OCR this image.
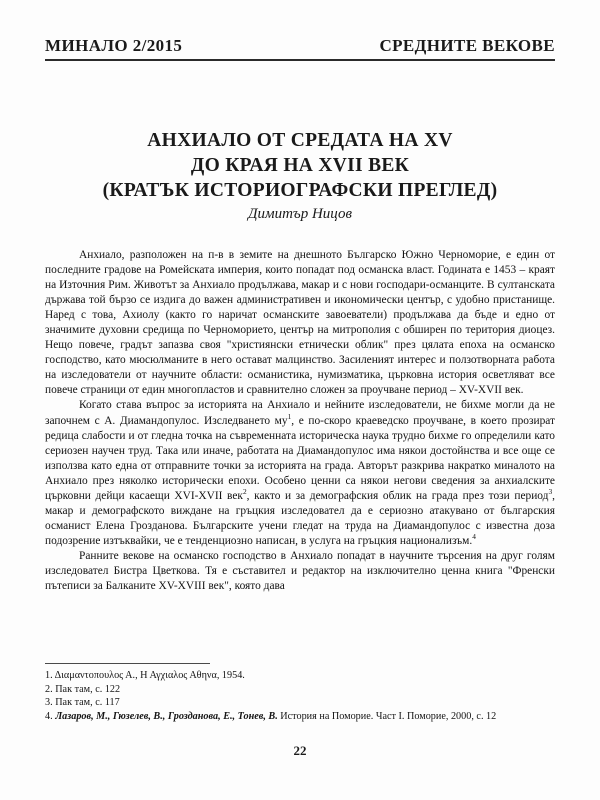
МИНАЛО 2/2015	СРЕДНИТЕ ВЕКОВЕ
АНХИАЛО ОТ СРЕДАТА НА XV
ДО КРАЯ НА XVII ВЕК
(КРАТЪК ИСТОРИОГРАФСКИ ПРЕГЛЕД)
Димитър Ницов

Анхиало, разположен на п-в в земите на днешното Българско Южно Черноморие, е един от последните градове на Ромейската империя, които попадат под османска власт. Годината е 1453 – краят на Източния Рим. Животът за Анхиало продължава, макар и с нови господари-османците. В султанската държава той бързо се издига до важен административен и икономически център, с удобно пристанище. Наред с това, Ахиолу (както го наричат османските завоеватели) продължава да бъде и едно от значимите духовни средища по Черноморието, център на митрополия с обширен по територия диоцез. Нещо повече, градът запазва своя "християнски етнически облик" през цялата епоха на османско господство, като мюсюлманите в него остават малцинство. Засиленият интерес и ползотворната работа на изследователи от научните области: османистика, нумизматика, църковна история осветляват все повече страници от един многопластов и сравнително сложен за проучване период – XV-XVII век.

Когато става въпрос за историята на Анхиало и нейните изследователи, не бихме могли да не започнем с А. Диамандопулос. Изследването $му^1$, е по-скоро краеведско проучване, в което прозират редица слабости и от гледна точка на съвременната историческа наука трудно бихме го определили като сериозен научен труд. Така или иначе, работата на Диамандопулос има някои достойнства и все още се използва като една от отправните точки за историята на града. Авторът разкрива накратко миналото на Анхиало през няколко исторически епохи. Особено ценни са някои негови сведения за анхиалските църковни дейци касаещи XVI-XVII век$^2$, както и за демографския облик на града през този период$^3$, макар и демографското виждане на гръцкия изследовател да е сериозно атакувано от българския османист Елена Грозданова. Българските учени гледат на труда на Диамандопулос с известна доза подозрение изтъквайки, че е тенденциозно написан, в услуга на гръцкия национализъм.$^4$

Ранните векове на османско господство в Анхиало попадат в научните търсения на друг голям изследовател Бистра Цветкова. Тя е съставител и редактор на изключително ценна книга "Френски пътеписи за Балканите XV-XVIII век", която дава

1. Διαμαντοπουλος Α., Η Αγχιαλος Αθηνα, 1954.

2. Пак там, с. 122

3. Пак там, с. 117

4. Лазаров, М., Гюзелев, В., Грозданова, Е., Тонев, В. История на Поморие. Част I. Поморие, 2000, с. 12

22
